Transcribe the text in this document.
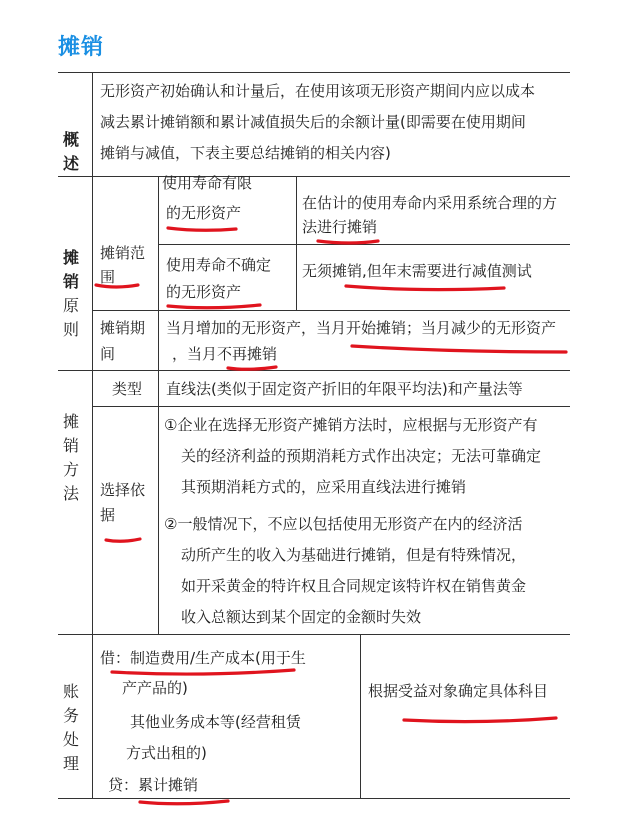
摊销
概
述
无形资产初始确认和计量后，在使用该项无形资产期间内应以成本
减去累计摊销额和累计减值损失后的余额计量(即需要在使用期间
摊销与减值，下表主要总结摊销的相关内容)
摊
销
原
则
摊销范
围
使用寿命有限
的无形资产
在估计的使用寿命内采用系统合理的方
法进行摊销
使用寿命不确定
的无形资产
无须摊销,但年末需要进行减值测试
摊销期
间
当月增加的无形资产，当月开始摊销；当月减少的无形资产
，当月不再摊销
摊
销
方
法
类型 直线法(类似于固定资产折旧的年限平均法)和产量法等
选择依
据
①企业在选择无形资产摊销方法时，应根据与无形资产有
关的经济利益的预期消耗方式作出决定；无法可靠确定
其预期消耗方式的，应采用直线法进行摊销
②一般情况下，不应以包括使用无形资产在内的经济活
动所产生的收入为基础进行摊销，但是有特殊情况，
如开采黄金的特许权且合同规定该特许权在销售黄金
收入总额达到某个固定的金额时失效
账
务
处
理
借：制造费用/生产成本(用于生
产产品的)
其他业务成本等(经营租赁
方式出租的)
贷：累计摊销
根据受益对象确定具体科目
